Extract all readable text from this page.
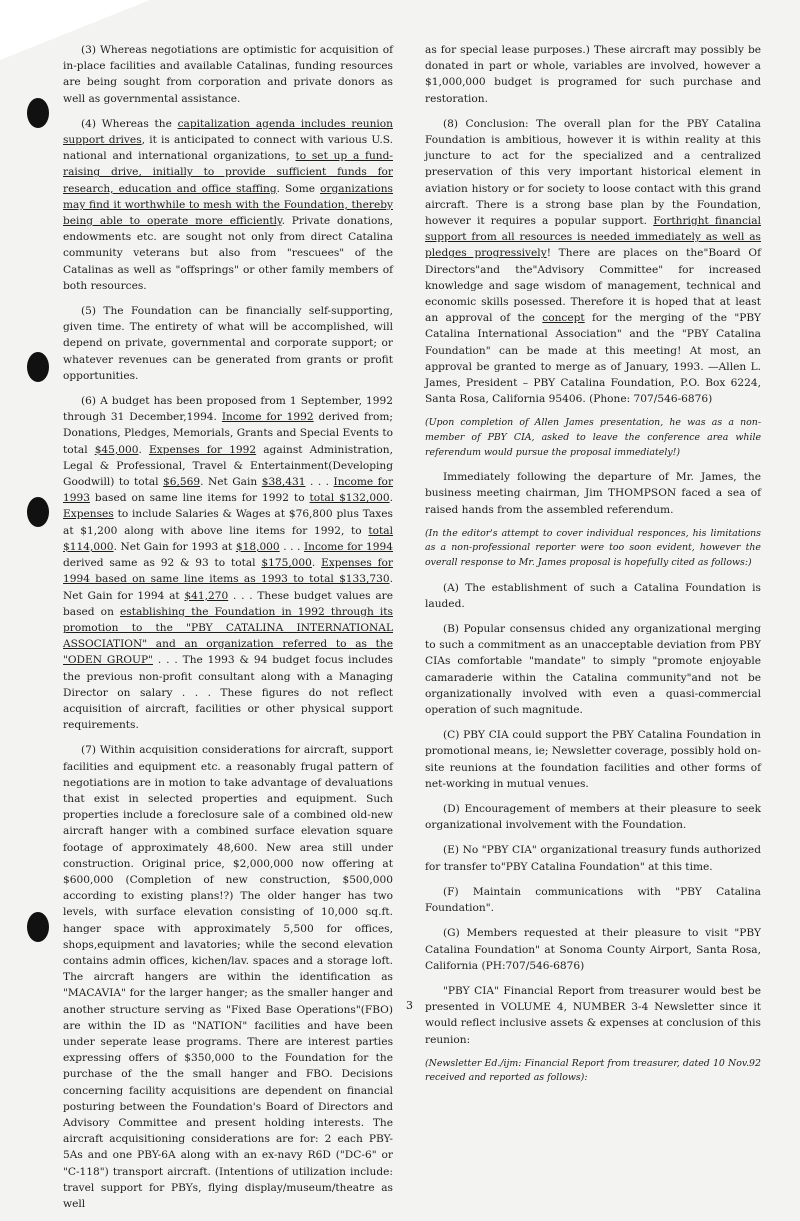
(3) Whereas negotiations are optimistic for acquisition of in-place facilities and available Catalinas, funding resources are being sought from corporation and private donors as well as governmental assistance.

(4) Whereas the capitalization agenda includes reunion support drives, it is anticipated to connect with various U.S. national and international organizations, to set up a fund-raising drive, initially to provide sufficient funds for research, education and office staffing. Some organizations may find it worthwhile to mesh with the Foundation, thereby being able to operate more efficiently. Private donations, endowments etc. are sought not only from direct Catalina community veterans but also from "rescuees" of the Catalinas as well as "offsprings" or other family members of both resources.

(5) The Foundation can be financially self-supporting, given time. The entirety of what will be accomplished, will depend on private, governmental and corporate support; or whatever revenues can be generated from grants or profit opportunities.

(6) A budget has been proposed from 1 September, 1992 through 31 December,1994. Income for 1992 derived from; Donations, Pledges, Memorials, Grants and Special Events to total $45,000. Expenses for 1992 against Administration, Legal & Professional, Travel & Entertainment(Developing Goodwill) to total $6,569. Net Gain $38,431 . . . Income for 1993 based on same line items for 1992 to total $132,000. Expenses to include Salaries & Wages at $76,800 plus Taxes at $1,200 along with above line items for 1992, to total $114,000. Net Gain for 1993 at $18,000 . . . Income for 1994 derived same as 92 & 93 to total $175,000. Expenses for 1994 based on same line items as 1993 to total $133,730. Net Gain for 1994 at $41,270 . . . These budget values are based on establishing the Foundation in 1992 through its promotion to the "PBY CATALINA INTERNATIONAL ASSOCIATION" and an organization referred to as the "ODEN GROUP" . . . The 1993 & 94 budget focus includes the previous non-profit consultant along with a Managing Director on salary . . . These figures do not reflect acquisition of aircraft, facilities or other physical support requirements.

(7) Within acquisition considerations for aircraft, support facilities and equipment etc. a reasonably frugal pattern of negotiations are in motion to take advantage of devaluations that exist in selected properties and equipment. Such properties include a foreclosure sale of a combined old-new aircraft hanger with a combined surface elevation square footage of approximately 48,600. New area still under construction. Original price, $2,000,000 now offering at $600,000 (Completion of new construction, $500,000 according to existing plans!?) The older hanger has two levels, with surface elevation consisting of 10,000 sq.ft. hanger space with approximately 5,500 for offices, shops,equipment and lavatories; while the second elevation contains admin offices, kichen/lav. spaces and a storage loft. The aircraft hangers are within the identification as "MACAVIA" for the larger hanger; as the smaller hanger and another structure serving as "Fixed Base Operations"(FBO) are within the ID as "NATION" facilities and have been under seperate lease programs. There are interest parties expressing offers of $350,000 to the Foundation for the purchase of the the small hanger and FBO. Decisions concerning facility acquisitions are dependent on financial posturing between the Foundation's Board of Directors and Advisory Committee and present holding interests. The aircraft acquisitioning considerations are for: 2 each PBY-5As and one PBY-6A along with an ex-navy R6D ("DC-6" or "C-118") transport aircraft. (Intentions of utilization include: travel support for PBYs, flying display/museum/theatre as well

as for special lease purposes.) These aircraft may possibly be donated in part or whole, variables are involved, however a $1,000,000 budget is programed for such purchase and restoration.

(8) Conclusion: The overall plan for the PBY Catalina Foundation is ambitious, however it is within reality at this juncture to act for the specialized and a centralized preservation of this very important historical element in aviation history or for society to loose contact with this grand aircraft. There is a strong base plan by the Foundation, however it requires a popular support. Forthright financial support from all resources is needed immediately as well as pledges progressively! There are places on the"Board Of Directors"and the"Advisory Committee" for increased knowledge and sage wisdom of management, technical and economic skills posessed. Therefore it is hoped that at least an approval of the concept for the merging of the "PBY Catalina International Association" and the "PBY Catalina Foundation" can be made at this meeting! At most, an approval be granted to merge as of January, 1993. —Allen L. James, President – PBY Catalina Foundation, P.O. Box 6224, Santa Rosa, California 95406. (Phone: 707/546-6876)

(Upon completion of Allen James presentation, he was as a non-member of PBY CIA, asked to leave the conference area while referendum would pursue the proposal immediately!)

Immediately following the departure of Mr. James, the business meeting chairman, Jim THOMPSON faced a sea of raised hands from the assembled referendum.

(In the editor's attempt to cover individual responces, his limitations as a non-professional reporter were too soon evident, however the overall response to Mr. James proposal is hopefully cited as follows:)

(A) The establishment of such a Catalina Foundation is lauded.

(B) Popular consensus chided any organizational merging to such a commitment as an unacceptable deviation from PBY CIAs comfortable "mandate" to simply "promote enjoyable camaraderie within the Catalina community"and not be organizationally involved with even a quasi-commercial operation of such magnitude.

(C) PBY CIA could support the PBY Catalina Foundation in promotional means, ie; Newsletter coverage, possibly hold on-site reunions at the foundation facilities and other forms of net-working in mutual venues.

(D) Encouragement of members at their pleasure to seek organizational involvement with the Foundation.

(E) No "PBY CIA" organizational treasury funds authorized for transfer to"PBY Catalina Foundation" at this time.

(F) Maintain communications with "PBY Catalina Foundation".

(G) Members requested at their pleasure to visit "PBY Catalina Foundation" at Sonoma County Airport, Santa Rosa, California (PH:707/546-6876)

"PBY CIA" Financial Report from treasurer would best be presented in VOLUME 4, NUMBER 3-4 Newsletter since it would reflect inclusive assets & expenses at conclusion of this reunion:

(Newsletter Ed./ijm: Financial Report from treasurer, dated 10 Nov.92 received and reported as follows):

3
